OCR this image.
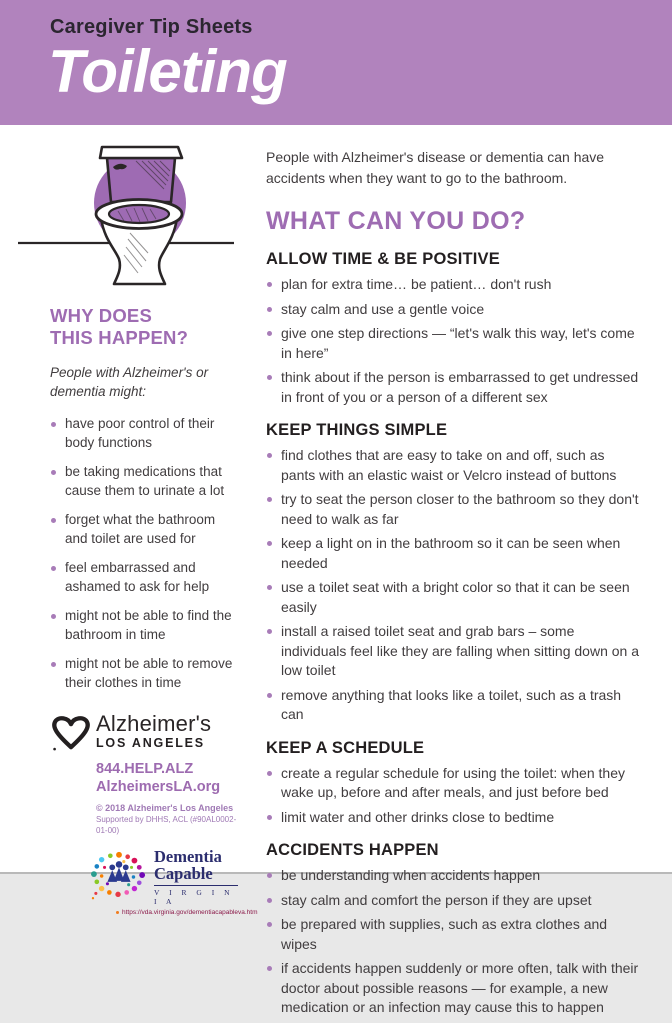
Caregiver Tip Sheets
Toileting
WHY DOES
THIS HAPPEN?
People with Alzheimer's or dementia might:
have poor control of their body functions
be taking medications that cause them to urinate a lot
forget what the bathroom and toilet are used for
feel embarrassed and ashamed to ask for help
might not be able to find the bathroom in time
might not be able to remove their clothes in time
Alzheimer's
LOS ANGELES
844.HELP.ALZ
AlzheimersLA.org
© 2018 Alzheimer's Los Angeles
Supported by DHHS, ACL (#90AL0002-01-00)
Dementia
Capable
V I R G I N I A
https://vda.virginia.gov/dementiacapableva.htm

People with Alzheimer's disease or dementia can have accidents when they want to go to the bathroom.

WHAT CAN YOU DO?
ALLOW TIME & BE POSITIVE
plan for extra time… be patient… don't rush
stay calm and use a gentle voice
give one step directions — “let's walk this way, let's come in here”
think about if the person is embarrassed to get undressed in front of you or a person of a different sex
KEEP THINGS SIMPLE
find clothes that are easy to take on and off, such as pants with an elastic waist or Velcro instead of buttons
try to seat the person closer to the bathroom so they don't need to walk as far
keep a light on in the bathroom so it can be seen when needed
use a toilet seat with a bright color so that it can be seen easily
install a raised toilet seat and grab bars – some individuals feel like they are falling when sitting down on a low toilet
remove anything that looks like a toilet, such as a trash can
KEEP A SCHEDULE
create a regular schedule for using the toilet: when they wake up, before and after meals, and just before bed
limit water and other drinks close to bedtime
ACCIDENTS HAPPEN
be understanding when accidents happen
stay calm and comfort the person if they are upset
be prepared with supplies, such as extra clothes and wipes
if accidents happen suddenly or more often, talk with their doctor about possible reasons — for example, a new medication or an infection may cause this to happen
